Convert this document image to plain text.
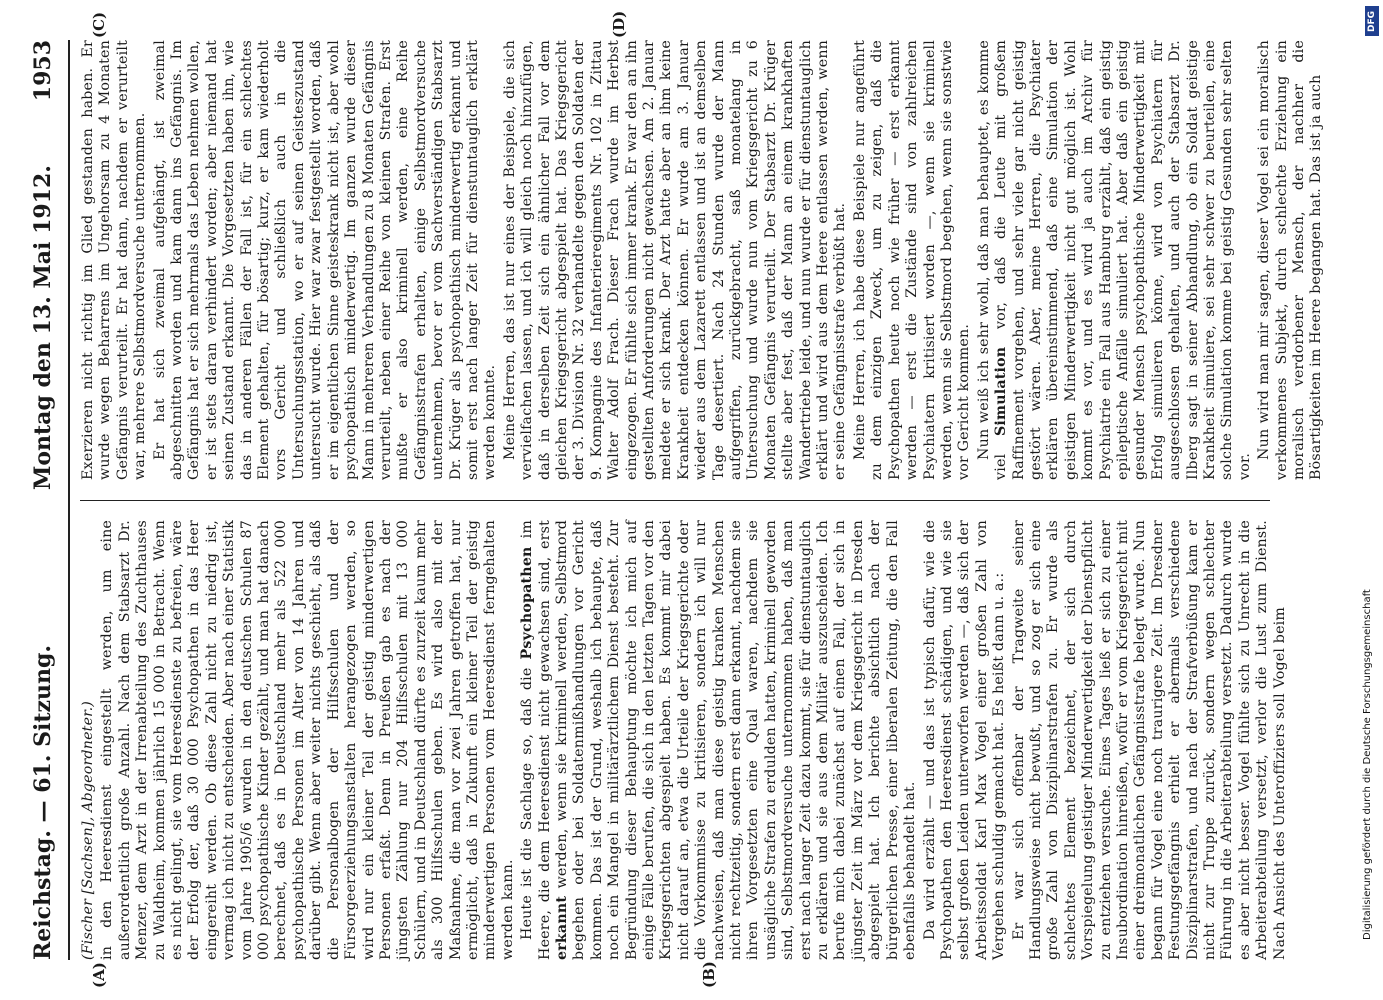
Reichstag. — 61. Sitzung.
Montag den 13. Mai 1912.
1953
(A)	(B)
(C)	(D)

(Fischer [Sachsen], Abgeordneter.) in den Heeresdienst eingestellt werden, um eine außerordentlich große Anzahl. Nach dem Stabsarzt Dr. Menzer, dem Arzt in der Irrenabteilung des Zuchthauses zu Waldheim, kommen jährlich 15 000 in Betracht. Wenn es nicht gelingt, sie vom Heeresdienste zu befreien, wäre der Erfolg der, daß 30 000 Psychopathen in das Heer eingereiht werden. Ob diese Zahl nicht zu niedrig ist, vermag ich nicht zu entscheiden. Aber nach einer Statistik vom Jahre 1905/6 wurden in den deutschen Schulen 87 000 psychopathische Kinder gezählt, und man hat danach berechnet, daß es in Deutschland mehr als 522 000 psychopathische Personen im Alter von 14 Jahren und darüber gibt. Wenn aber weiter nichts geschieht, als daß die Personalbogen der Hilfsschulen und der Fürsorgeerziehungsanstalten herangezogen werden, so wird nur ein kleiner Teil der geistig minderwertigen Personen erfaßt. Denn in Preußen gab es nach der jüngsten Zählung nur 204 Hilfsschulen mit 13 000 Schülern, und in Deutschland dürfte es zurzeit kaum mehr als 300 Hilfsschulen geben. Es wird also mit der Maßnahme, die man vor zwei Jahren getroffen hat, nur ermöglicht, daß in Zukunft ein kleiner Teil der geistig minderwertigen Personen vom Heeresdienst ferngehalten werden kann. Heute ist die Sachlage so, daß die Psychopathen im Heere, die dem Heeresdienst nicht gewachsen sind, erst erkannt werden, wenn sie kriminell werden, Selbstmord begehen oder bei Soldatenmißhandlungen vor Gericht kommen. Das ist der Grund, weshalb ich behaupte, daß noch ein Mangel in militärärztlichem Dienst besteht. Zur Begründung dieser Behauptung möchte ich mich auf einige Fälle berufen, die sich in den letzten Tagen vor den Kriegsgerichten abgespielt haben. Es kommt mir dabei nicht darauf an, etwa die Urteile der Kriegsgerichte oder die Vorkommnisse zu kritisieren, sondern ich will nur nachweisen, daß man diese geistig kranken Menschen nicht rechtzeitig, sondern erst dann erkannt, nachdem sie ihren Vorgesetzten eine Qual waren, nachdem sie unsägliche Strafen zu erdulden hatten, kriminell geworden sind, Selbstmordversuche unternommen haben, daß man erst nach langer Zeit dazu kommt, sie für dienstuntauglich zu erklären und sie aus dem Militär auszuscheiden. Ich berufe mich dabei zunächst auf einen Fall, der sich in jüngster Zeit im März vor dem Kriegsgericht in Dresden abgespielt hat. Ich berichte absichtlich nach der bürgerlichen Presse, einer liberalen Zeitung, die den Fall ebenfalls behandelt hat. Da wird erzählt — und das ist typisch dafür, wie die Psychopathen den Heeresdienst schädigen, und wie sie selbst großen Leiden unterworfen werden —, daß sich der Arbeitssoldat Karl Max Vogel einer großen Zahl von Vergehen schuldig gemacht hat. Es heißt dann u. a.: Er war sich offenbar der Tragweite seiner Handlungsweise nicht bewußt, und so zog er sich eine große Zahl von Disziplinarstrafen zu. Er wurde als schlechtes Element bezeichnet, der sich durch Vorspiegelung geistiger Minderwertigkeit der Dienstpflicht zu entziehen versuche. Eines Tages ließ er sich zu einer Insubordination hinreißen, wofür er vom Kriegsgericht mit einer dreimonatlichen Gefängnisstrafe belegt wurde. Nun begann für Vogel eine noch traurigere Zeit. Im Dresdner Festungsgefängnis erhielt er abermals verschiedene Disziplinarstrafen, und nach der Strafverbüßung kam er nicht zur Truppe zurück, sondern wegen schlechter Führung in die Arbeiterabteilung versetzt. Dadurch wurde es aber nicht besser. Vogel fühlte sich zu Unrecht in die Arbeiterabteilung versetzt, verlor die Lust zum Dienst. Nach Ansicht des Unteroffiziers soll Vogel beim

Exerzieren nicht richtig im Glied gestanden haben. Er wurde wegen Beharrens im Ungehorsam zu 4 Monaten Gefängnis verurteilt. Er hat dann, nachdem er verurteilt war, mehrere Selbstmordversuche unternommen. Er hat sich zweimal aufgehängt, ist zweimal abgeschnitten worden und kam dann ins Gefängnis. Im Gefängnis hat er sich mehrmals das Leben nehmen wollen, er ist stets daran verhindert worden; aber niemand hat seinen Zustand erkannt. Die Vorgesetzten haben ihn, wie das in anderen Fällen der Fall ist, für ein schlechtes Element gehalten, für bösartig; kurz, er kam wiederholt vors Gericht und schließlich auch in die Untersuchungsstation, wo er auf seinen Geisteszustand untersucht wurde. Hier war zwar festgestellt worden, daß er im eigentlichen Sinne geisteskrank nicht ist, aber wohl psychopathisch minderwertig. Im ganzen wurde dieser Mann in mehreren Verhandlungen zu 8 Monaten Gefängnis verurteilt, neben einer Reihe von kleinen Strafen. Erst mußte er also kriminell werden, eine Reihe Gefängnisstrafen erhalten, einige Selbstmordversuche unternehmen, bevor er vom Sachverständigen Stabsarzt Dr. Krüger als psychopathisch minderwertig erkannt und somit erst nach langer Zeit für dienstuntauglich erklärt werden konnte. Meine Herren, das ist nur eines der Beispiele, die sich vervielfachen lassen, und ich will gleich noch hinzufügen, daß in derselben Zeit sich ein ähnlicher Fall vor dem gleichen Kriegsgericht abgespielt hat. Das Kriegsgericht der 3. Division Nr. 32 verhandelte gegen den Soldaten der 9. Kompagnie des Infanterieregiments Nr. 102 in Zittau Walter Adolf Frach. Dieser Frach wurde im Herbst eingezogen. Er fühlte sich immer krank. Er war den an ihn gestellten Anforderungen nicht gewachsen. Am 2. Januar meldete er sich krank. Der Arzt hatte aber an ihm keine Krankheit entdecken können. Er wurde am 3. Januar wieder aus dem Lazarett entlassen und ist an demselben Tage desertiert. Nach 24 Stunden wurde der Mann aufgegriffen, zurückgebracht, saß monatelang in Untersuchung und wurde nun vom Kriegsgericht zu 6 Monaten Gefängnis verurteilt. Der Stabsarzt Dr. Krüger stellte aber fest, daß der Mann an einem krankhaften Wandertriebe leide, und nun wurde er für dienstuntauglich erklärt und wird aus dem Heere entlassen werden, wenn er seine Gefängnisstrafe verbüßt hat. Meine Herren, ich habe diese Beispiele nur angeführt zu dem einzigen Zweck, um zu zeigen, daß die Psychopathen heute noch wie früher — erst erkannt werden — erst die Zustände sind von zahlreichen Psychiatern kritisiert worden —, wenn sie kriminell werden, wenn sie Selbstmord begehen, wenn sie sonstwie vor Gericht kommen. Nun weiß ich sehr wohl, daß man behauptet, es komme viel Simulation vor, daß die Leute mit großem Raffinement vorgehen, und sehr viele gar nicht geistig gestört wären. Aber, meine Herren, die Psychiater erklären übereinstimmend, daß eine Simulation der geistigen Minderwertigkeit nicht gut möglich ist. Wohl kommt es vor, und es wird ja auch im Archiv für Psychiatrie ein Fall aus Hamburg erzählt, daß ein geistig epileptische Anfälle simuliert hat. Aber daß ein geistig gesunder Mensch psychopathische Minderwertigkeit mit Erfolg simulieren könne, wird von Psychiatern für ausgeschlossen gehalten, und auch der Stabsarzt Dr. Ilberg sagt in seiner Abhandlung, ob ein Soldat geistige Krankheit simuliere, sei sehr schwer zu beurteilen, eine solche Simulation komme bei geistig Gesunden sehr selten vor.

Nun wird man mir sagen, dieser Vogel sei ein moralisch verkommenes Subjekt, durch schlechte Erziehung ein moralisch verdorbener Mensch, der nachher die Bösartigkeiten im Heere begangen hat. Das ist ja auch

DFG
Digitalisierung gefördert durch die Deutsche Forschungsgemeinschaft
